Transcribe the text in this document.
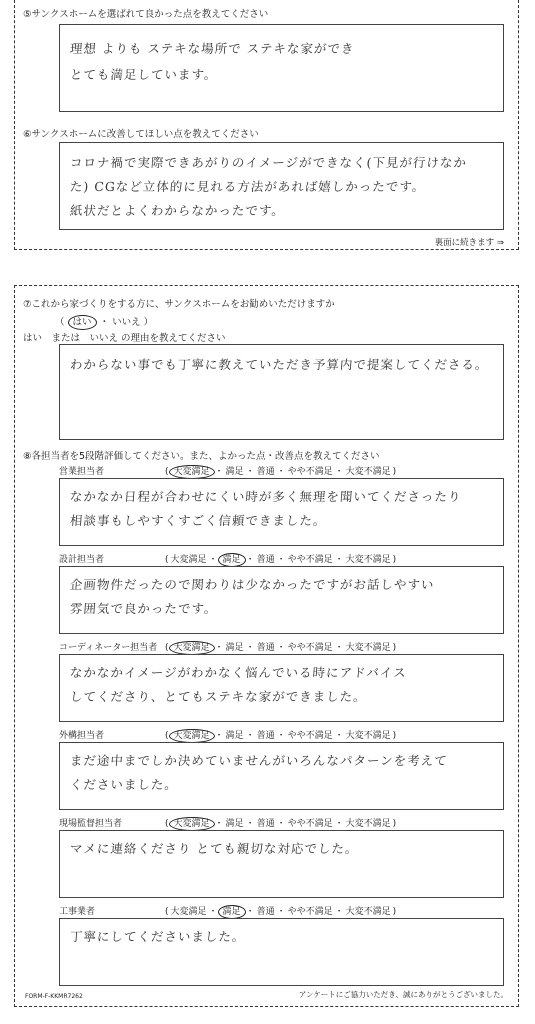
⑤サンクスホームを選ばれて良かった点を教えてください
理想 よりも ステキな場所で ステキな家ができ
とても満足しています。
⑥サンクスホームに改善してほしい点を教えてください
コロナ禍で実際できあがりのイメージができなく(下見が行けなか
た) CGなど立体的に見れる方法があれば嬉しかったです。
紙状だとよくわからなかったです。
裏面に続きます ⇒
⑦これから家づくりをする方に、サンクスホームをお勧めいただけますか
（ はい ・ いいえ ）
はい　または　いいえ の理由を教えてください
わからない事でも丁寧に教えていただき予算内で提案してくださる。
⑧各担当者を5段階評価してください。また、よかった点・改善点を教えてください
営業担当者	( 大変満足 ・ 満足 ・ 普通 ・ やや不満足 ・ 大変不満足 )
なかなか日程が合わせにくい時が多く無理を聞いてくださったり
相談事もしやすくすごく信頼できました。
設計担当者	( 大変満足 ・ 満足 ・ 普通 ・ やや不満足 ・ 大変不満足 )
企画物件だったので関わりは少なかったですがお話しやすい
雰囲気で良かったです。
コーディネーター担当者 ( 大変満足 ・ 満足 ・ 普通 ・ やや不満足 ・ 大変不満足 )
なかなかイメージがわかなく悩んでいる時にアドバイス
してくださり、とてもステキな家ができました。
外構担当者	( 大変満足 ・ 満足 ・ 普通 ・ やや不満足 ・ 大変不満足 )
まだ途中までしか決めていませんがいろんなパターンを考えて
くださいました。
現場監督担当者	( 大変満足 ・ 満足 ・ 普通 ・ やや不満足 ・ 大変不満足 )
マメに連絡くださり とても親切な対応でした。
工事業者	( 大変満足 ・ 満足 ・ 普通 ・ やや不満足 ・ 大変不満足 )
丁寧にしてくださいました。
FORM-F-KKMR7262	アンケートにご協力いただき、誠にありがとうございました。
